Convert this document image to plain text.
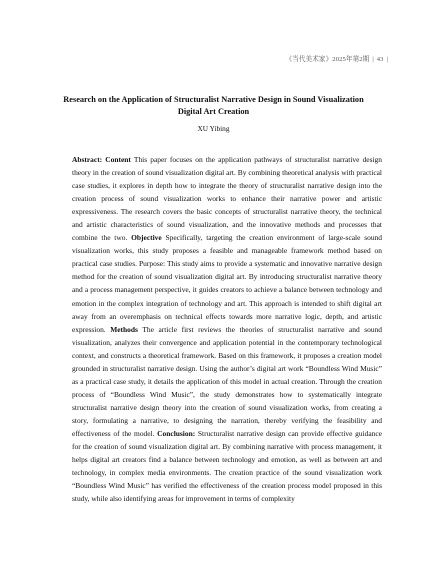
《当代美术家》2025年第2期 | 43 |
Research on the Application of Structuralist Narrative Design in Sound Visualization Digital Art Creation
XU Yibing

Abstract: Content This paper focuses on the application pathways of structuralist narrative design theory in the creation of sound visualization digital art. By combining theoretical analysis with practical case studies, it explores in depth how to integrate the theory of structuralist narrative design into the creation process of sound visualization works to enhance their narrative power and artistic expressiveness. The research covers the basic concepts of structuralist narrative theory, the technical and artistic characteristics of sound visualization, and the innovative methods and processes that combine the two. Objective Specifically, targeting the creation environment of large-scale sound visualization works, this study proposes a feasible and manageable framework method based on practical case studies. Purpose: This study aims to provide a systematic and innovative narrative design method for the creation of sound visualization digital art. By introducing structuralist narrative theory and a process management perspective, it guides creators to achieve a balance between technology and emotion in the complex integration of technology and art. This approach is intended to shift digital art away from an overemphasis on technical effects towards more narrative logic, depth, and artistic expression. Methods The article first reviews the theories of structuralist narrative and sound visualization, analyzes their convergence and application potential in the contemporary technological context, and constructs a theoretical framework. Based on this framework, it proposes a creation model grounded in structuralist narrative design. Using the author’s digital art work “Boundless Wind Music” as a practical case study, it details the application of this model in actual creation. Through the creation process of “Boundless Wind Music”, the study demonstrates how to systematically integrate structuralist narrative design theory into the creation of sound visualization works, from creating a story, formulating a narrative, to designing the narration, thereby verifying the feasibility and effectiveness of the model. Conclusion: Structuralist narrative design can provide effective guidance for the creation of sound visualization digital art. By combining narrative with process management, it helps digital art creators find a balance between technology and emotion, as well as between art and technology, in complex media environments. The creation practice of the sound visualization work “Boundless Wind Music” has verified the effectiveness of the creation process model proposed in this study, while also identifying areas for improvement in terms of complexity
